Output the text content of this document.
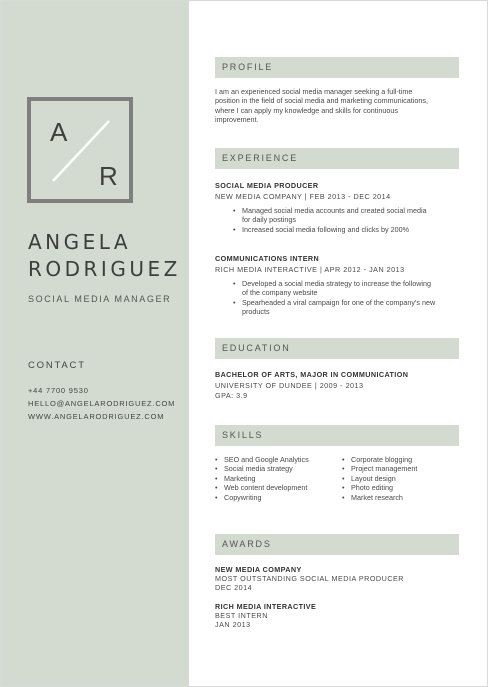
A
R
ANGELA
RODRIGUEZ
SOCIAL MEDIA MANAGER
CONTACT
+44 7700 9530
HELLO@ANGELARODRIGUEZ.COM
WWW.ANGELARODRIGUEZ.COM
PROFILE
I am an experienced social media manager seeking a full-time
position in the field of social media and marketing communications,
where I can apply my knowledge and skills for continuous
improvement.
EXPERIENCE
SOCIAL MEDIA PRODUCER
NEW MEDIA COMPANY | FEB 2013 - DEC 2014
• Managed social media accounts and created social media
for daily postings
• Increased social media following and clicks by 200%
COMMUNICATIONS INTERN
RICH MEDIA INTERACTIVE | APR 2012 - JAN 2013
• Developed a social media strategy to increase the following
of the company website
• Spearheaded a viral campaign for one of the company's new
products
EDUCATION
BACHELOR OF ARTS, MAJOR IN COMMUNICATION
UNIVERSITY OF DUNDEE | 2009 - 2013
GPA: 3.9
SKILLS
• SEO and Google Analytics
• Social media strategy
• Marketing
• Web content development
• Copywriting
• Corporate blogging
• Project management
• Layout design
• Photo editing
• Market research
AWARDS
NEW MEDIA COMPANY
MOST OUTSTANDING SOCIAL MEDIA PRODUCER
DEC 2014
RICH MEDIA INTERACTIVE
BEST INTERN
JAN 2013
